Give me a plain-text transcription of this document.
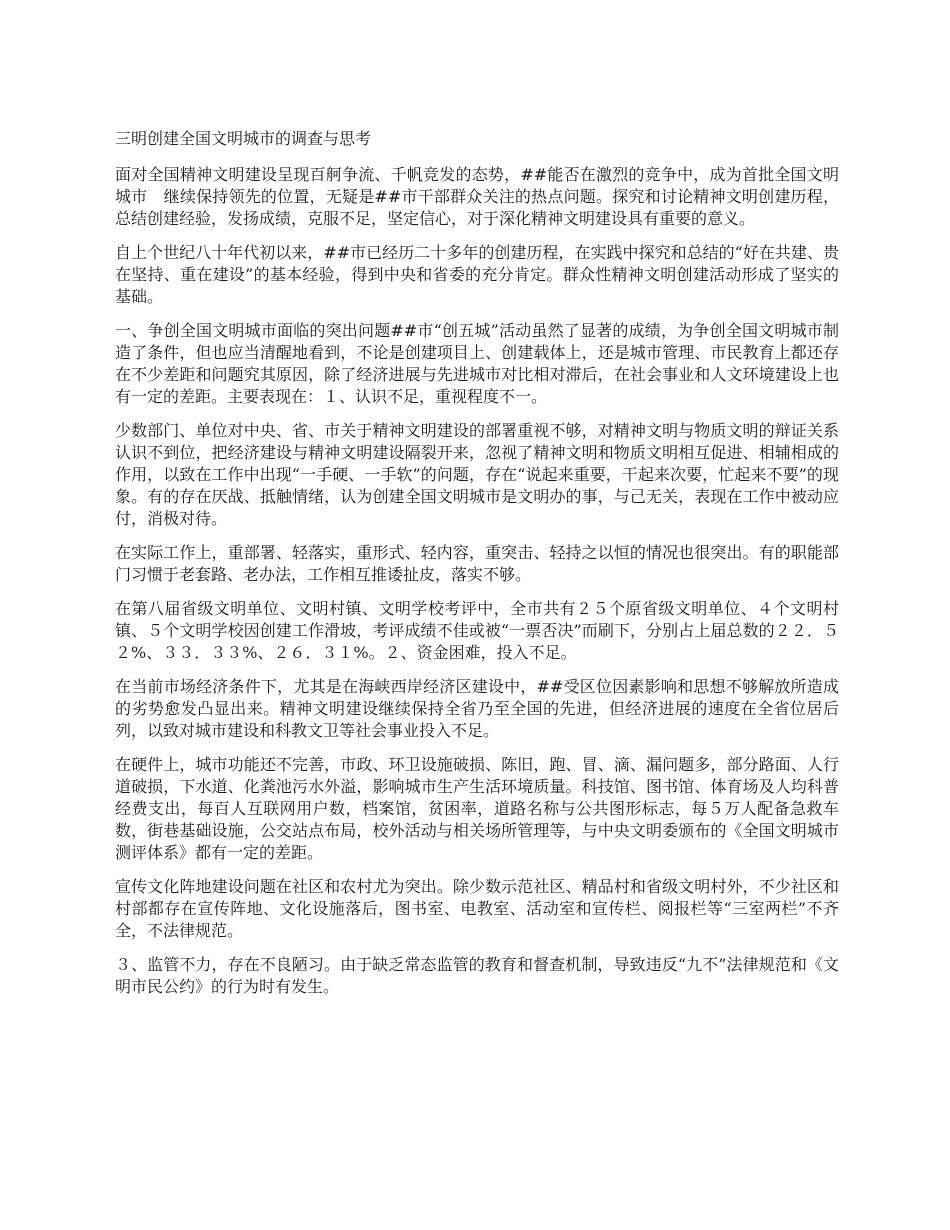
三明创建全国文明城市的调查与思考

面对全国精神文明建设呈现百舸争流、千帆竞发的态势，##能否在激烈的竞争中，成为首批全国文明城市　继续保持领先的位置，无疑是##市干部群众关注的热点问题。探究和讨论精神文明创建历程，总结创建经验，发扬成绩，克服不足，坚定信心，对于深化精神文明建设具有重要的意义。

自上个世纪八十年代初以来，##市已经历二十多年的创建历程，在实践中探究和总结的“好在共建、贵在坚持、重在建设”的基本经验，得到中央和省委的充分肯定。群众性精神文明创建活动形成了坚实的基础。

一、争创全国文明城市面临的突出问题##市“创五城”活动虽然了显著的成绩，为争创全国文明城市制造了条件，但也应当清醒地看到，不论是创建项目上、创建载体上，还是城市管理、市民教育上都还存在不少差距和问题究其原因，除了经济进展与先进城市对比相对滞后，在社会事业和人文环境建设上也有一定的差距。主要表现在：１、认识不足，重视程度不一。

少数部门、单位对中央、省、市关于精神文明建设的部署重视不够，对精神文明与物质文明的辩证关系认识不到位，把经济建设与精神文明建设隔裂开来，忽视了精神文明和物质文明相互促进、相辅相成的作用，以致在工作中出现“一手硬、一手软”的问题，存在“说起来重要，干起来次要，忙起来不要”的现象。有的存在厌战、抵触情绪，认为创建全国文明城市是文明办的事，与己无关，表现在工作中被动应付，消极对待。

在实际工作上，重部署、轻落实，重形式、轻内容，重突击、轻持之以恒的情况也很突出。有的职能部门习惯于老套路、老办法，工作相互推诿扯皮，落实不够。

在第八届省级文明单位、文明村镇、文明学校考评中，全市共有２５个原省级文明单位、４个文明村镇、５个文明学校因创建工作滑坡，考评成绩不佳或被“一票否决”而刷下，分别占上届总数的２２．５２%、３３．３３%、２６．３１%。２、资金困难，投入不足。

在当前市场经济条件下，尤其是在海峡西岸经济区建设中，##受区位因素影响和思想不够解放所造成的劣势愈发凸显出来。精神文明建设继续保持全省乃至全国的先进，但经济进展的速度在全省位居后列，以致对城市建设和科教文卫等社会事业投入不足。

在硬件上，城市功能还不完善，市政、环卫设施破损、陈旧，跑、冒、滴、漏问题多，部分路面、人行道破损，下水道、化粪池污水外溢，影响城市生产生活环境质量。科技馆、图书馆、体育场及人均科普经费支出，每百人互联网用户数，档案馆，贫困率，道路名称与公共图形标志，每５万人配备急救车数，街巷基础设施，公交站点布局，校外活动与相关场所管理等，与中央文明委颁布的《全国文明城市测评体系》都有一定的差距。

宣传文化阵地建设问题在社区和农村尤为突出。除少数示范社区、精品村和省级文明村外，不少社区和村部都存在宣传阵地、文化设施落后，图书室、电教室、活动室和宣传栏、阅报栏等“三室两栏”不齐全，不法律规范。

３、监管不力，存在不良陋习。由于缺乏常态监管的教育和督查机制，导致违反“九不”法律规范和《文明市民公约》的行为时有发生。
